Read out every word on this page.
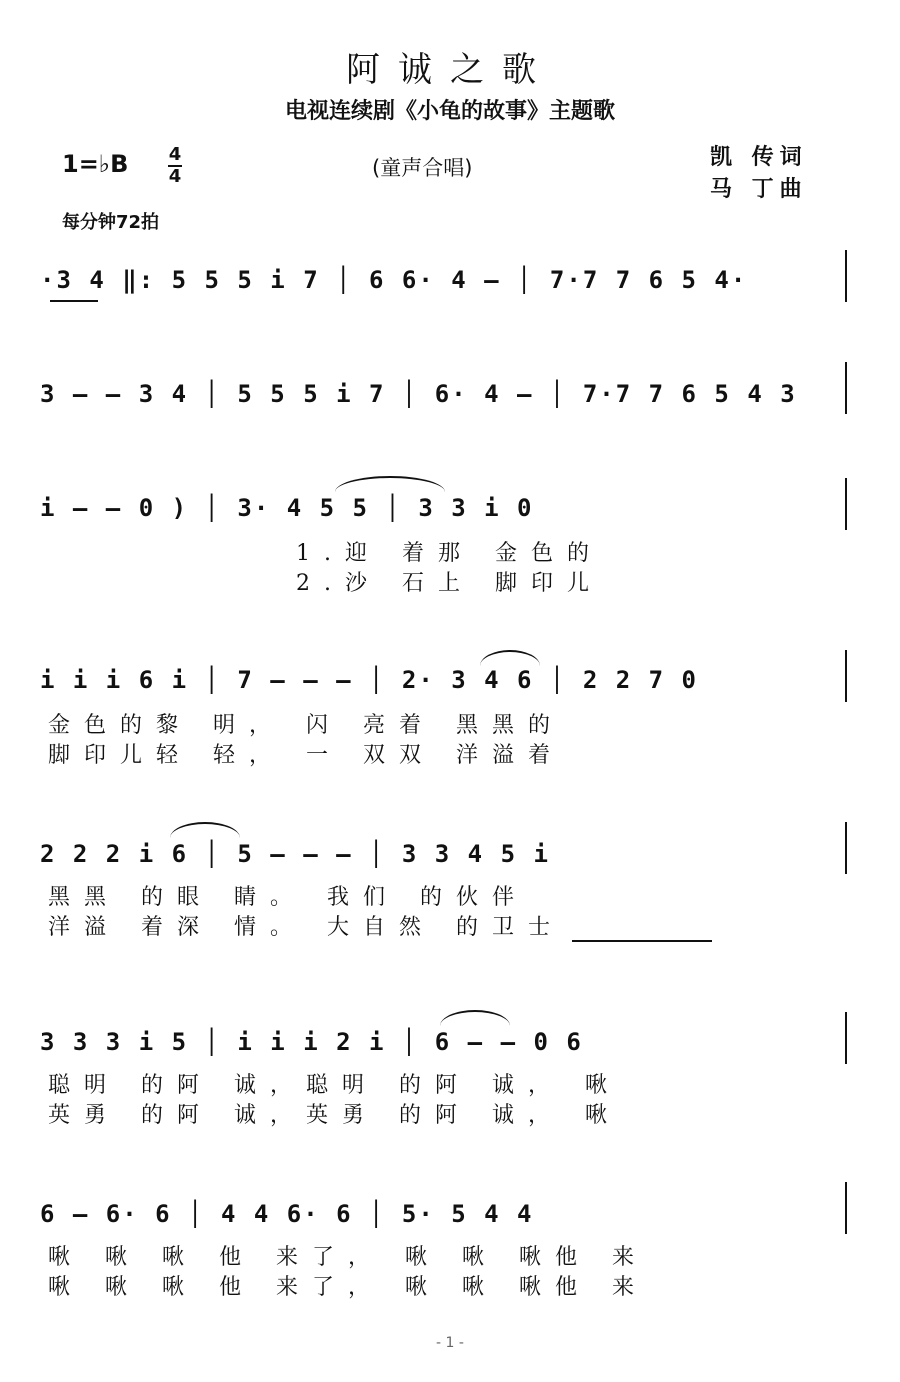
阿诚之歌
电视连续剧《小龟的故事》主题歌
1=♭B 4
4	(童声合唱)	凯 传词
马 丁曲
每分钟72拍
·3 4 ‖: 5 5 5 i 7 │ 6 6· 4 – │ 7·7 7 6 5 4·
3 – – 3 4 │ 5 5 5 i 7 │ 6· 4 – │ 7·7 7 6 5 4 3
i – – 0 ) │ 3· 4 5 5 │ 3 3 i 0
1.迎 着那 金色的
2.沙 石上 脚印儿
i i i 6 i │ 7 – – – │ 2· 3 4 6 │ 2 2 7 0
金色的黎 明， 闪 亮着 黑黑的
脚印儿轻 轻， 一 双双 洋溢着
2 2 2 i 6 │ 5 – – – │ 3 3 4 5 i
黑黑 的眼 睛。 我们 的伙伴
洋溢 着深 情。 大自然 的卫士
3 3 3 i 5 │ i i i 2 i │ 6 – – 0 6
聪明 的阿 诚，聪明 的阿 诚， 啾
英勇 的阿 诚，英勇 的阿 诚， 啾
6 – 6· 6 │ 4 4 6· 6 │ 5· 5 4 4
啾 啾 啾 他 来了， 啾 啾 啾他 来
啾 啾 啾 他 来了， 啾 啾 啾他 来
- 1 -
